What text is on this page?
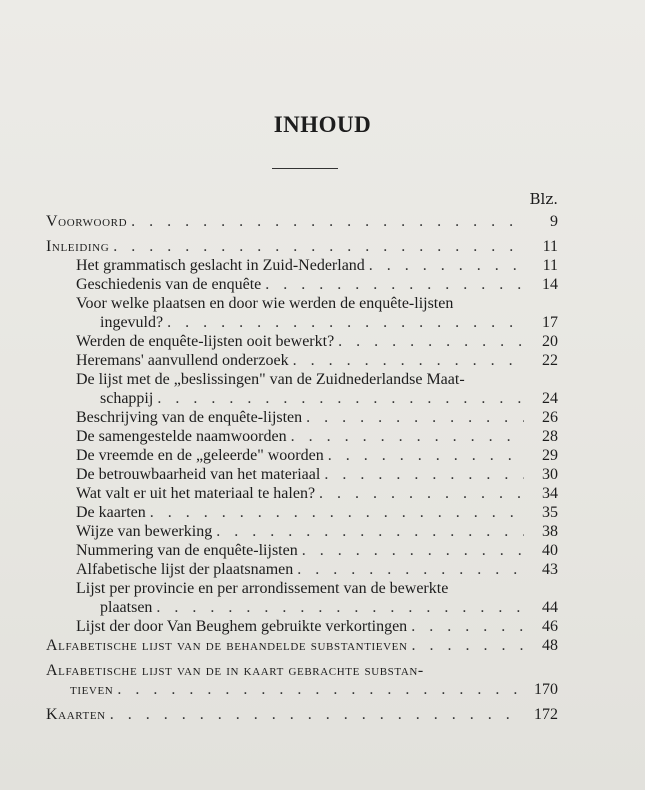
INHOUD
Blz.
Voorwoord . . .	9
Inleiding . . .	11
Het grammatisch geslacht in Zuid-Nederland . . .	11
Geschiedenis van de enquête . . .	14
Voor welke plaatsen en door wie werden de enquête-lijsten
ingevuld? . . .	17
Werden de enquête-lijsten ooit bewerkt? . . .	20
Heremans' aanvullend onderzoek . . .	22
De lijst met de „beslissingen" van de Zuidnederlandse Maat-
schappij . . .	24
Beschrijving van de enquête-lijsten . . .	26
De samengestelde naamwoorden . . .	28
De vreemde en de „geleerde" woorden . . .	29
De betrouwbaarheid van het materiaal . . .	30
Wat valt er uit het materiaal te halen? . . .	34
De kaarten . . .	35
Wijze van bewerking . . .	38
Nummering van de enquête-lijsten . . .	40
Alfabetische lijst der plaatsnamen . . .	43
Lijst per provincie en per arrondissement van de bewerkte
plaatsen . . .	44
Lijst der door Van Beughem gebruikte verkortingen . . .	46
Alfabetische lijst van de behandelde substantieven . . .	48
Alfabetische lijst van de in kaart gebrachte substan-
tieven . . .	170
Kaarten . . .	172
